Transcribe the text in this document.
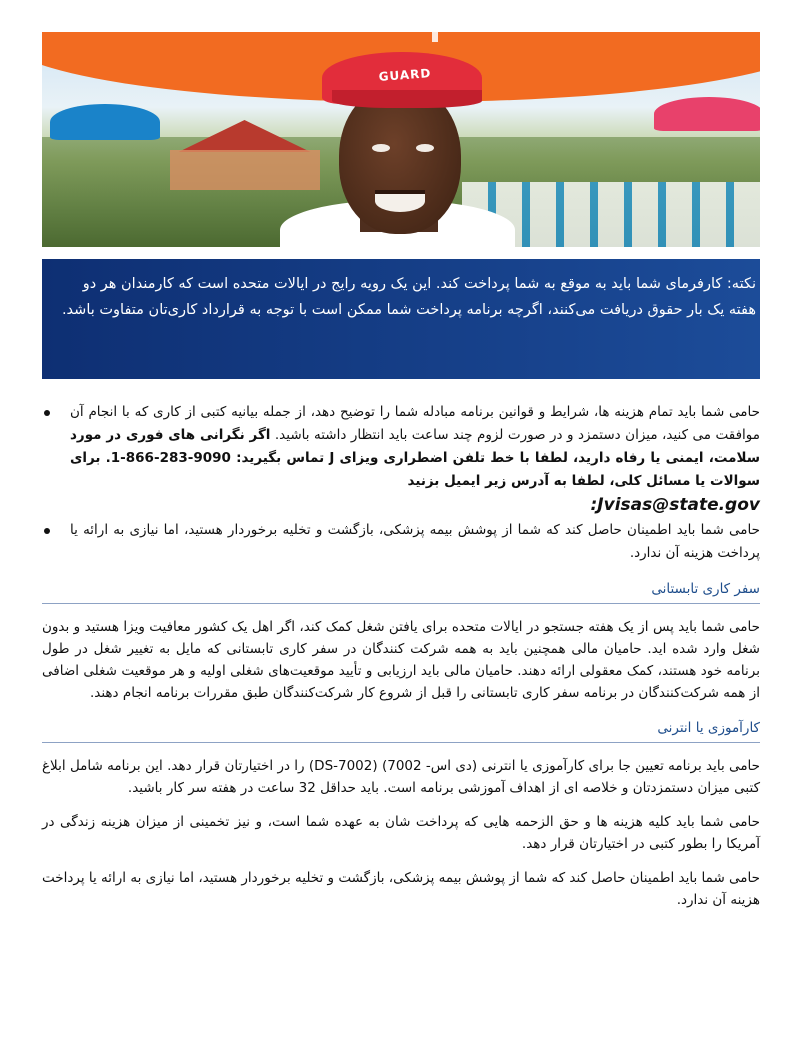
GUARD
نکته: کارفرمای شما باید به موقع به شما پرداخت کند. این یک رویه رایج در ایالات متحده است که کارمندان هر دو هفته یک بار حقوق دریافت می‌کنند، اگرچه برنامه پرداخت شما ممکن است با توجه به قرارداد کاری‌تان متفاوت باشد.
حامی شما باید تمام هزینه ها، شرایط و قوانین برنامه مبادله شما را توضیح دهد، از جمله بیانیه کتبی از کاری که با انجام آن موافقت می کنید، میزان دستمزد و در صورت لزوم چند ساعت باید انتظار داشته باشید. اگر نگرانی های فوری در مورد سلامت، ایمنی یا رفاه دارید، لطفا با خط تلفن اضطراری ویزای J تماس بگیرید: 9090-283-866-1. برای سوالات یا مسائل کلی، لطفا به آدرس زیر ایمیل بزنید
Jvisas@state.gov:
حامی شما باید اطمینان حاصل کند که شما از پوشش بیمه پزشکی، بازگشت و تخلیه برخوردار هستید، اما نیازی به ارائه یا پرداخت هزینه آن ندارد.
سفر کاری تابستانی

حامی شما باید پس از یک هفته جستجو در ایالات متحده برای یافتن شغل کمک کند، اگر اهل یک کشور معافیت ویزا هستید و بدون شغل وارد شده اید. حامیان مالی همچنین باید به همه شرکت کنندگان در سفر کاری تابستانی که مایل به تغییر شغل در طول برنامه خود هستند، کمک معقولی ارائه دهند. حامیان مالی باید ارزیابی و تأیید موقعیت‌های شغلی اولیه و هر موقعیت شغلی اضافی از همه شرکت‌کنندگان در برنامه سفر کاری تابستانی را قبل از شروع کار شرکت‌کنندگان طبق مقررات برنامه انجام دهند.

کارآموزی یا انترنی

حامی باید برنامه تعیین جا برای کارآموزی یا انترنی (دی اس- 7002) (DS-7002) را در اختیارتان قرار دهد. این برنامه شامل ابلاغ کتبی میزان دستمزدتان و خلاصه ای از اهداف آموزشی برنامه است. باید حداقل 32 ساعت در هفته سر کار باشید.

حامی شما باید کلیه هزینه ها و حق الزحمه هایی که پرداخت شان به عهده شما است، و نیز تخمینی از میزان هزینه زندگی در آمریکا را بطور کتبی در اختیارتان قرار دهد.

حامی شما باید اطمینان حاصل کند که شما از پوشش بیمه پزشکی، بازگشت و تخلیه برخوردار هستید، اما نیازی به ارائه یا پرداخت هزینه آن ندارد.
